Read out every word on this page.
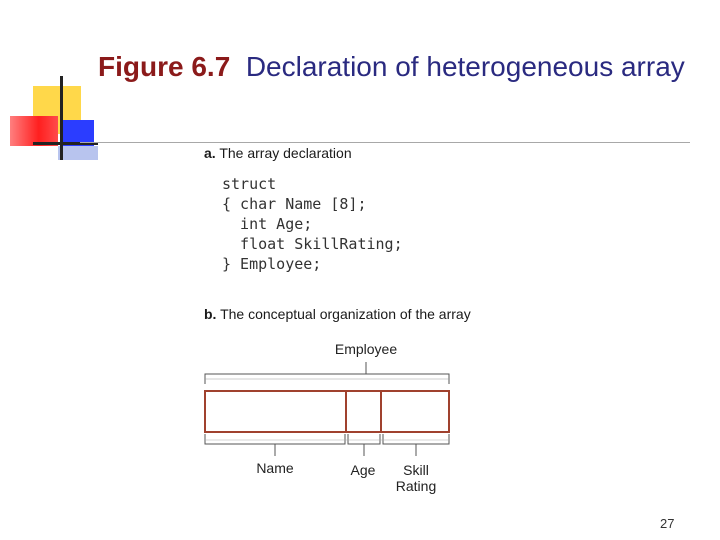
Figure 6.7 Declaration of heterogeneous array
a. The array declaration
struct
{ char Name [8];
int Age;
float SkillRating;
} Employee;
b. The conceptual organization of the array
Employee
Name	Age Skill
Rating
27
